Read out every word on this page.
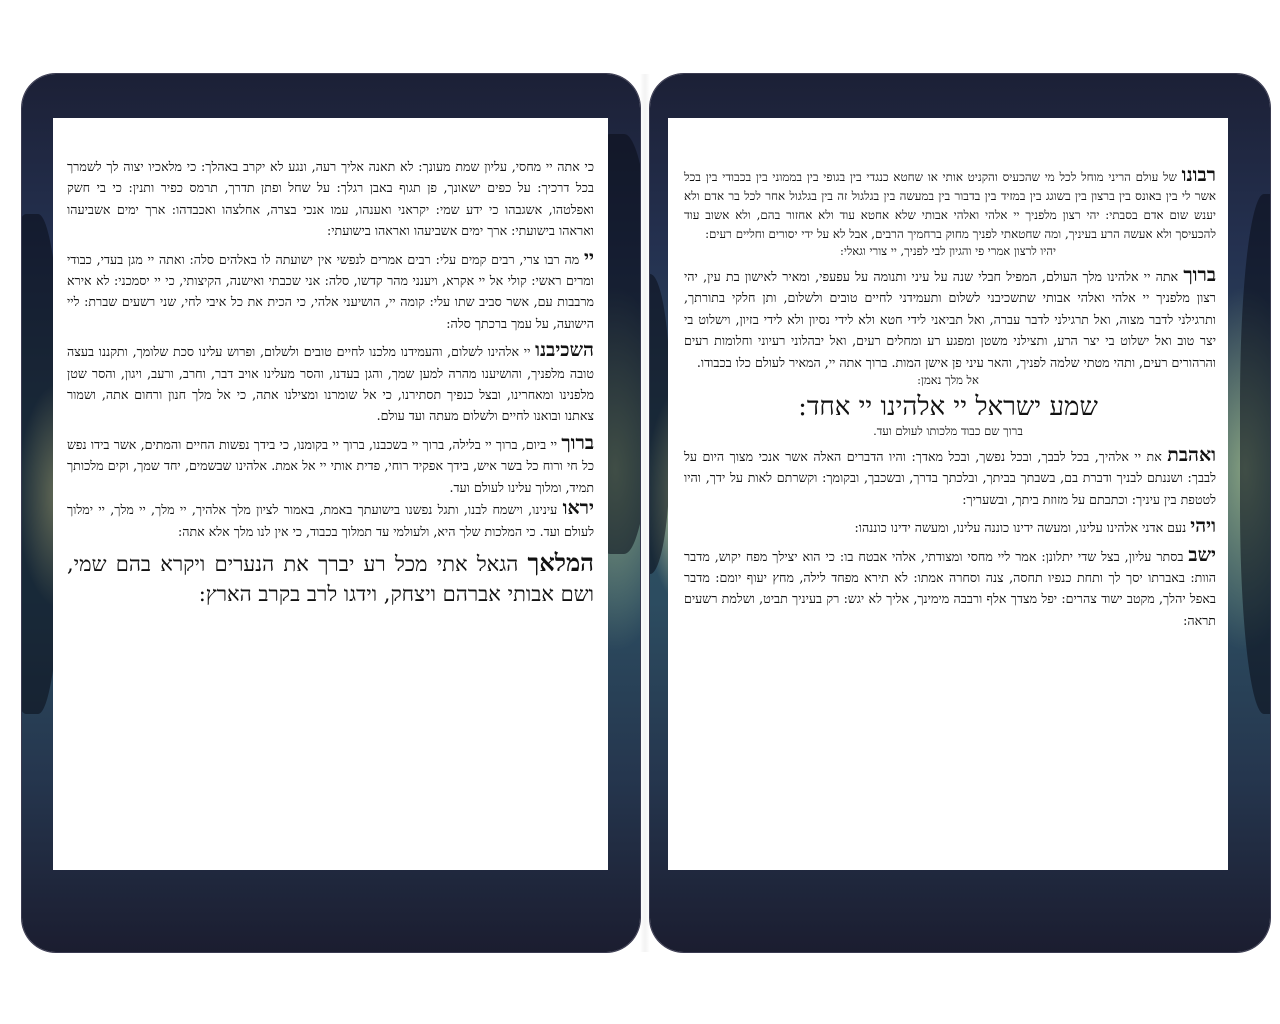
כי אתה יי מחסי, עליון שמת מעונך: לא תאנה אליך רעה, ונגע לא יקרב באהלך: כי מלאכיו יצוה לך לשמרך בכל דרכיך: על כפים ישאונך, פן תגוף באבן רגלך: על שחל ופתן תדרך, תרמס כפיר ותנין: כי בי חשק ואפלטהו, אשגבהו כי ידע שמי: יקראני ואענהו, עמו אנכי בצרה, אחלצהו ואכבדהו: ארך ימים אשביעהו ואראהו בישועתי: ארך ימים אשביעהו ואראהו בישועתי:

יי מה רבו צרי, רבים קמים עלי: רבים אמרים לנפשי אין ישועתה לו באלהים סלה: ואתה יי מגן בעדי, כבודי ומרים ראשי: קולי אל יי אקרא, ויענני מהר קדשו, סלה: אני שכבתי ואישנה, הקיצותי, כי יי יסמכני: לא אירא מרבבות עם, אשר סביב שתו עלי: קומה יי, הושיעני אלהי, כי הכית את כל איבי לחי, שני רשעים שברת: ליי הישועה, על עמך ברכתך סלה:

השכיבנו יי אלהינו לשלום, והעמידנו מלכנו לחיים טובים ולשלום, ופרוש עלינו סכת שלומך, ותקננו בעצה טובה מלפניך, והושיענו מהרה למען שמך, והגן בעדנו, והסר מעלינו אויב דבר, וחרב, ורעב, ויגון, והסר שטן מלפנינו ומאחרינו, ובצל כנפיך תסתירנו, כי אל שומרנו ומצילנו אתה, כי אל מלך חנון ורחום אתה, ושמור צאתנו ובואנו לחיים ולשלום מעתה ועד עולם.

ברוך יי ביום, ברוך יי בלילה, ברוך יי בשכבנו, ברוך יי בקומנו, כי בידך נפשות החיים והמתים, אשר בידו נפש כל חי ורוח כל בשר איש, בידך אפקיד רוחי, פדית אותי יי אל אמת. אלהינו שבשמים, יחד שמך, וקים מלכותך תמיד, ומלוך עלינו לעולם ועד.

יראו עינינו, וישמח לבנו, ותגל נפשנו בישועתך באמת, באמור לציון מלך אלהיך, יי מלך, יי מלך, יי ימלוך לעולם ועד. כי המלכות שלך היא, ולעולמי עד תמלוך בכבוד, כי אין לנו מלך אלא אתה:

המלאך הגאל אתי מכל רע יברך את הנערים ויקרא בהם שמי, ושם אבותי אברהם ויצחק, וידגו לרב בקרב הארץ:

רבונו של עולם הריני מוחל לכל מי שהכעיס והקניט אותי או שחטא כנגדי בין בגופי בין בממוני בין בכבודי בין בכל אשר לי בין באונס בין ברצון בין בשוגג בין במזיד בין בדבור בין במעשה בין בגלגול זה בין בגלגול אחר לכל בר אדם ולא יענש שום אדם בסבתי: יהי רצון מלפניך יי אלהי ואלהי אבותי שלא אחטא עוד ולא אחזור בהם, ולא אשוב עוד להכעיסך ולא אעשה הרע בעיניך, ומה שחטאתי לפניך מחוק ברחמיך הרבים, אבל לא על ידי יסורים וחליים רעים:

יהיו לרצון אמרי פי והגיון לבי לפניך, יי צורי וגאלי:

ברוך אתה יי אלהינו מלך העולם, המפיל חבלי שנה על עיני ותנומה על עפעפי, ומאיר לאישון בת עין, יהי רצון מלפניך יי אלהי ואלהי אבותי שתשכיבני לשלום ותעמידני לחיים טובים ולשלום, ותן חלקי בתורתך, ותרגילני לדבר מצוה, ואל תרגילני לדבר עברה, ואל תביאני לידי חטא ולא לידי נסיון ולא לידי בזיון, וישלוט בי יצר טוב ואל ישלוט בי יצר הרע, ותצילני משטן ומפגע רע ומחלים רעים, ואל יבהלוני רעיוני וחלומות רעים והרהורים רעים, ותהי מטתי שלמה לפניך, והאר עיני פן אישן המות. ברוך אתה יי, המאיר לעולם כלו בכבודו.

אל מלך נאמן:

שמע ישראל יי אלהינו יי אחד:

ברוך שם כבוד מלכותו לעולם ועד.

ואהבת את יי אלהיך, בכל לבבך, ובכל נפשך, ובכל מאדך: והיו הדברים האלה אשר אנכי מצוך היום על לבבך: ושננתם לבניך ודברת בם, בשבתך בביתך, ובלכתך בדרך, ובשכבך, ובקומך: וקשרתם לאות על ידך, והיו לטטפת בין עיניך: וכתבתם על מזוזת ביתך, ובשעריך:

ויהי נעם אדני אלהינו עלינו, ומעשה ידינו כוננה עלינו, ומעשה ידינו כוננהו:

ישב בסתר עליון, בצל שדי יתלונן: אמר ליי מחסי ומצודתי, אלהי אבטח בו: כי הוא יצילך מפח יקוש, מדבר הוות: באברתו יסך לך ותחת כנפיו תחסה, צנה וסחרה אמתו: לא תירא מפחד לילה, מחץ יעוף יומם: מדבר באפל יהלך, מקטב ישוד צהרים: יפל מצדך אלף ורבבה מימינך, אליך לא יגש: רק בעיניך תביט, ושלמת רשעים תראה:
